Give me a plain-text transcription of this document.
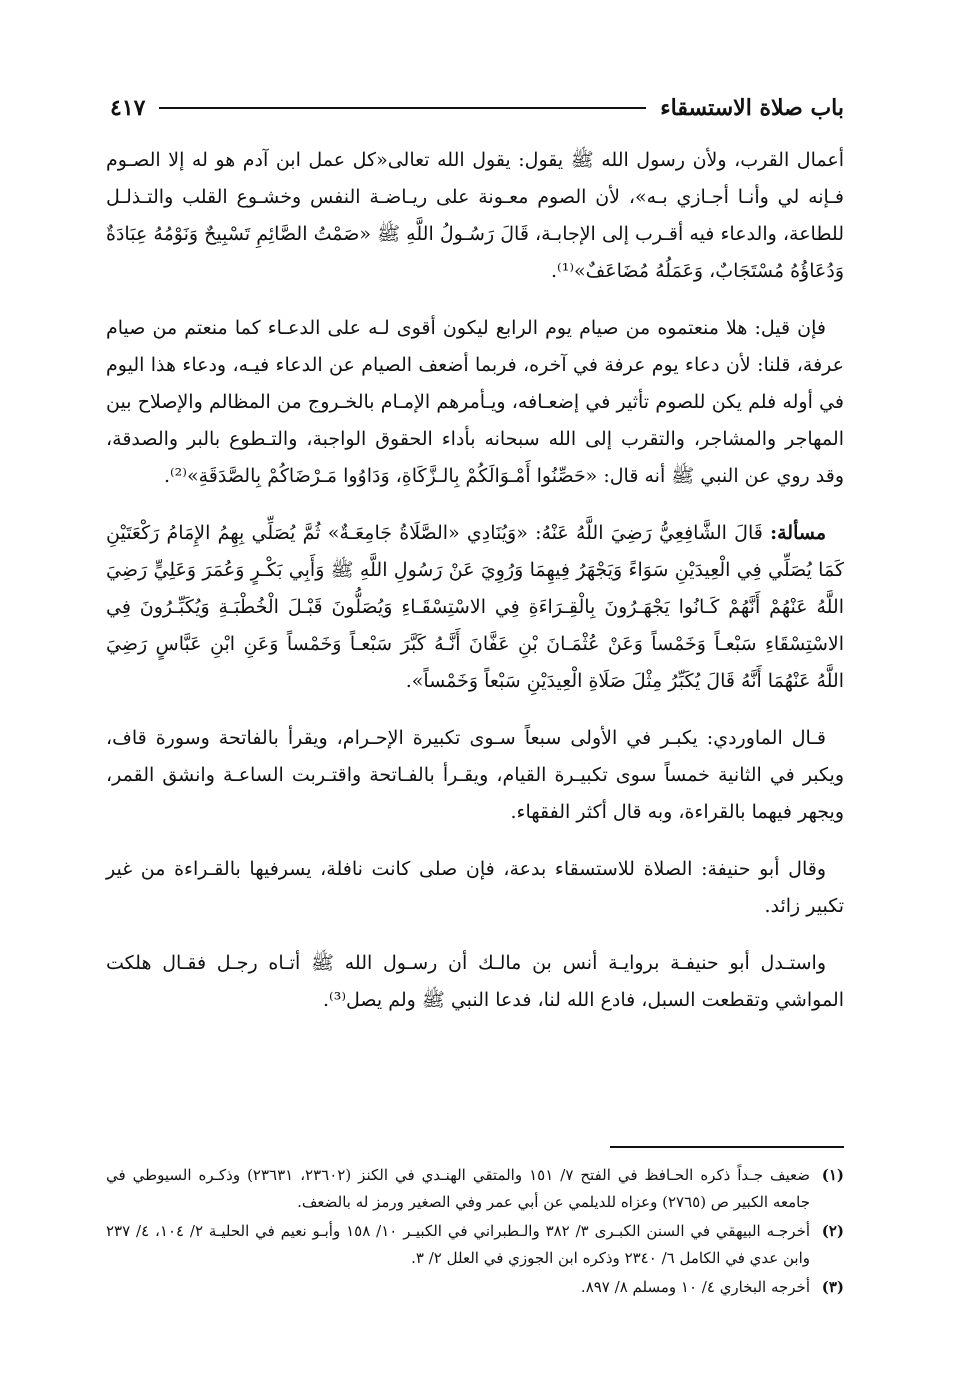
باب صلاة الاستسقاء
٤١٧

أعمال القرب، ولأن رسول الله ﷺ يقول: يقول الله تعالى«كل عمل ابن آدم هو له إلا الصـوم فـإنه لي وأنـا أجـازي بـه»، لأن الصوم معـونة على ريـاضـة النفس وخشـوع القلب والتـذلـل للطاعة، والدعاء فيه أقـرب إلى الإجابـة، قَالَ رَسُـولُ اللَّهِ ﷺ «صَمْتُ الصَّائِمِ تَسْبِيحٌ وَنَوْمُهُ عِبَادَةٌ وَدُعَاؤُهُ مُسْتَجَابٌ، وَعَمَلُهُ مُضَاعَفٌ»⁽¹⁾.

فإن قيل: هلا منعتموه من صيام يوم الرابع ليكون أقوى لـه على الدعـاء كما منعتم من صيام عرفة، قلنا: لأن دعاء يوم عرفة في آخره، فربما أضعف الصيام عن الدعاء فيـه، ودعاء هذا اليوم في أوله فلم يكن للصوم تأثير في إضعـافه، ويـأمرهم الإمـام بالخـروج من المظالم والإصلاح بين المهاجر والمشاجر، والتقرب إلى الله سبحانه بأداء الحقوق الواجبة، والتـطوع بالبر والصدقة، وقد روي عن النبي ﷺ أنه قال: «حَصِّنُوا أَمْـوَالَكُمْ بِالـزَّكَاةِ، وَدَاوُوا مَـرْضَاكُمْ بِالصَّدَقَةِ»⁽²⁾.

مسألة: قَالَ الشَّافِعِيُّ رَضِيَ اللَّهُ عَنْهُ: «وَيُنَادِي «الصَّلَاةُ جَامِعَـةٌ» ثُمَّ يُصَلِّي بِهِمُ الإِمَامُ رَكْعَتَيْنِ كَمَا يُصَلِّي فِي الْعِيدَيْنِ سَوَاءً وَيَجْهَرُ فِيهِمَا وَرُوِيَ عَنْ رَسُولِ اللَّهِ ﷺ وَأَبِي بَكْـرٍ وَعُمَرَ وَعَلِيٍّ رَضِيَ اللَّهُ عَنْهُمْ أَنَّهُمْ كَـانُوا يَجْهَـرُونَ بِالْقِـرَاءَةِ فِي الاسْتِسْقَـاءِ وَيُصَلُّونَ قَبْـلَ الْخُطْبَـةِ وَيُكَبِّـرُونَ فِي الاسْتِسْقَاءِ سَبْعـاً وَخَمْساً وَعَنْ عُثْمَـانَ بْنِ عَفَّانَ أَنَّـهُ كَبَّرَ سَبْعـاً وَخَمْساً وَعَنِ ابْنِ عَبَّاسٍ رَضِيَ اللَّهُ عَنْهُمَا أَنَّهُ قَالَ يُكَبِّرُ مِثْلَ صَلَاةِ الْعِيدَيْنِ سَبْعاً وَخَمْساً».

قـال الماوردي: يكبـر في الأولى سبعاً سـوى تكبيرة الإحـرام، ويقرأ بالفاتحة وسورة قاف، ويكبر في الثانية خمساً سوى تكبيـرة القيام، ويقـرأ بالفـاتحة واقتـربت الساعـة وانشق القمر، ويجهر فيهما بالقراءة، وبه قال أكثر الفقهاء.

وقال أبو حنيفة: الصلاة للاستسقاء بدعة، فإن صلى كانت نافلة، يسرفيها بالقـراءة من غير تكبير زائد.

واستـدل أبو حنيفـة بروايـة أنس بن مالـك أن رسـول الله ﷺ أتـاه رجـل فقـال هلكت المواشي وتقطعت السبل، فادع الله لنا، فدعا النبي ﷺ ولم يصل⁽³⁾.

(١)
ضعيف جـداً ذكره الحـافظ في الفتح ٧/ ١٥١ والمتقي الهنـدي في الكنز (٢٣٦٠٢، ٢٣٦٣١) وذكـره السيوطي في جامعه الكبير ص (٢٧٦٥) وعزاه للديلمي عن أبي عمر وفي الصغير ورمز له بالضعف.
(٢)
أخرجـه البيهقي في السنن الكبـرى ٣/ ٣٨٢ والـطبراني في الكبيـر ١٠/ ١٥٨ وأبـو نعيم في الحليـة ٢/ ١٠٤، ٤/ ٢٣٧ وابن عدي في الكامل ٦/ ٢٣٤٠ وذكره ابن الجوزي في العلل ٢/ ٣.
(٣)
أخرجه البخاري ٤/ ١٠ ومسلم ٨/ ٨٩٧.
